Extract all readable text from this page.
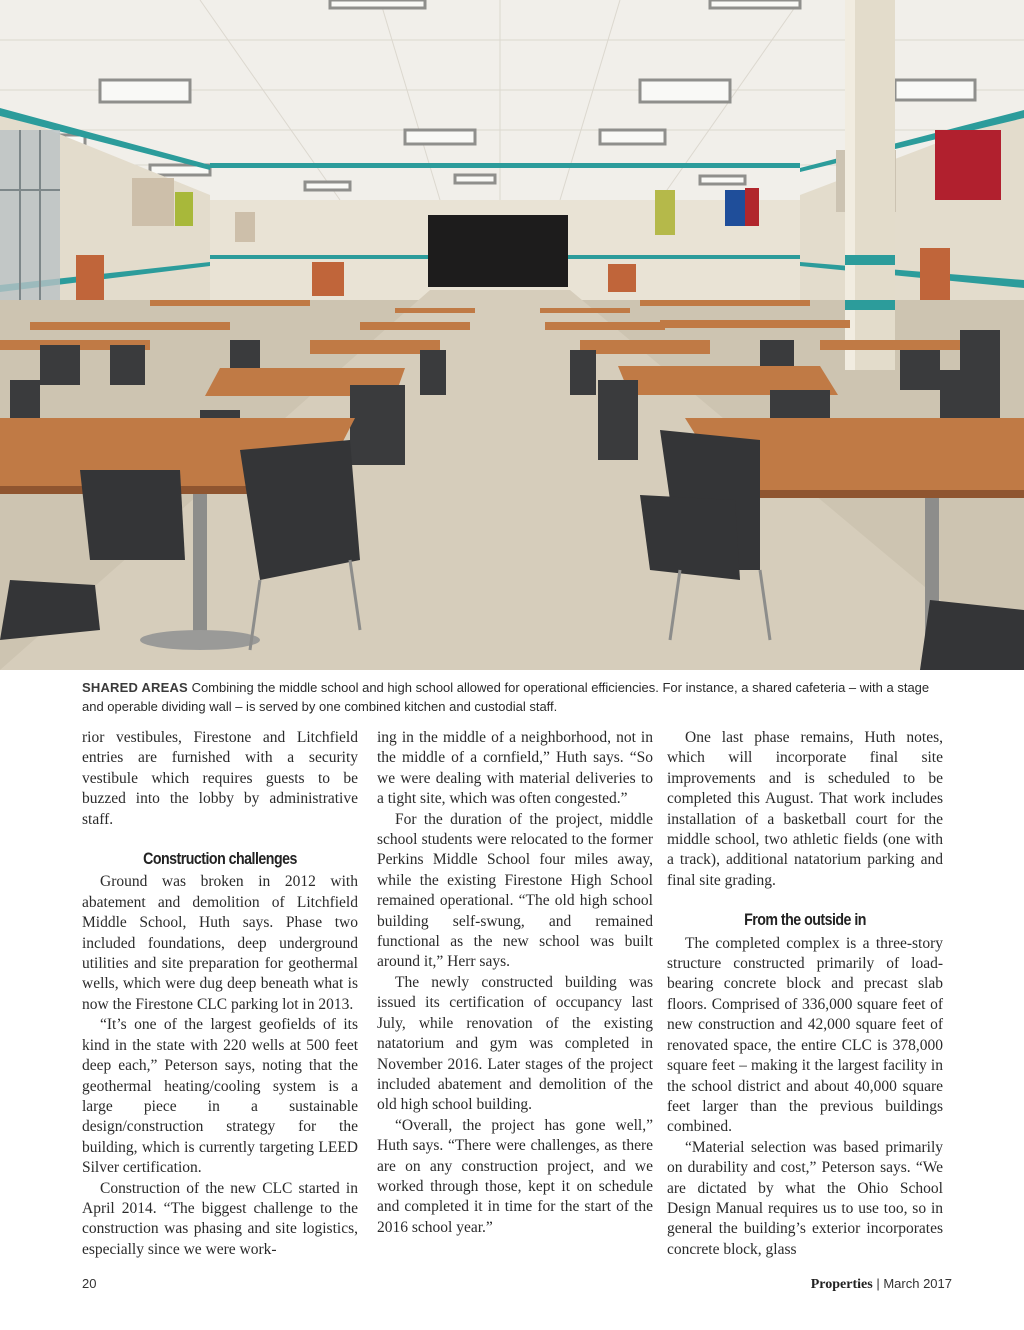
SHARED AREAS Combining the middle school and high school allowed for operational efficiencies. For instance, a shared cafeteria – with a stage and operable dividing wall – is served by one combined kitchen and custodial staff.

rior vestibules, Firestone and Litchfield entries are furnished with a security vestibule which requires guests to be buzzed into the lobby by administrative staff.

Construction challenges

Ground was broken in 2012 with abatement and demolition of Litchfield Middle School, Huth says. Phase two included foundations, deep underground utilities and site preparation for geothermal wells, which were dug deep beneath what is now the Firestone CLC parking lot in 2013.

“It’s one of the largest geofields of its kind in the state with 220 wells at 500 feet deep each,” Peterson says, noting that the geothermal heating/cooling system is a large piece in a sustainable design/construction strategy for the building, which is currently targeting LEED Silver certification.

Construction of the new CLC started in April 2014. “The biggest challenge to the construction was phasing and site logistics, especially since we were work-

ing in the middle of a neighborhood, not in the middle of a cornfield,” Huth says. “So we were dealing with material deliveries to a tight site, which was often congested.”

For the duration of the project, middle school students were relocated to the former Perkins Middle School four miles away, while the existing Firestone High School remained operational. “The old high school building self-swung, and remained functional as the new school was built around it,” Herr says.

The newly constructed building was issued its certification of occupancy last July, while renovation of the existing natatorium and gym was completed in November 2016. Later stages of the project included abatement and demolition of the old high school building.

“Overall, the project has gone well,” Huth says. “There were challenges, as there are on any construction project, and we worked through those, kept it on schedule and completed it in time for the start of the 2016 school year.”

One last phase remains, Huth notes, which will incorporate final site improvements and is scheduled to be completed this August. That work includes installation of a basketball court for the middle school, two athletic fields (one with a track), additional natatorium parking and final site grading.

From the outside in

The completed complex is a three-story structure constructed primarily of load-bearing concrete block and precast slab floors. Comprised of 336,000 square feet of new construction and 42,000 square feet of renovated space, the entire CLC is 378,000 square feet – making it the largest facility in the school district and about 40,000 square feet larger than the previous buildings combined.

“Material selection was based primarily on durability and cost,” Peterson says. “We are dictated by what the Ohio School Design Manual requires us to use too, so in general the building’s exterior incorporates concrete block, glass

20	Properties | March 2017
